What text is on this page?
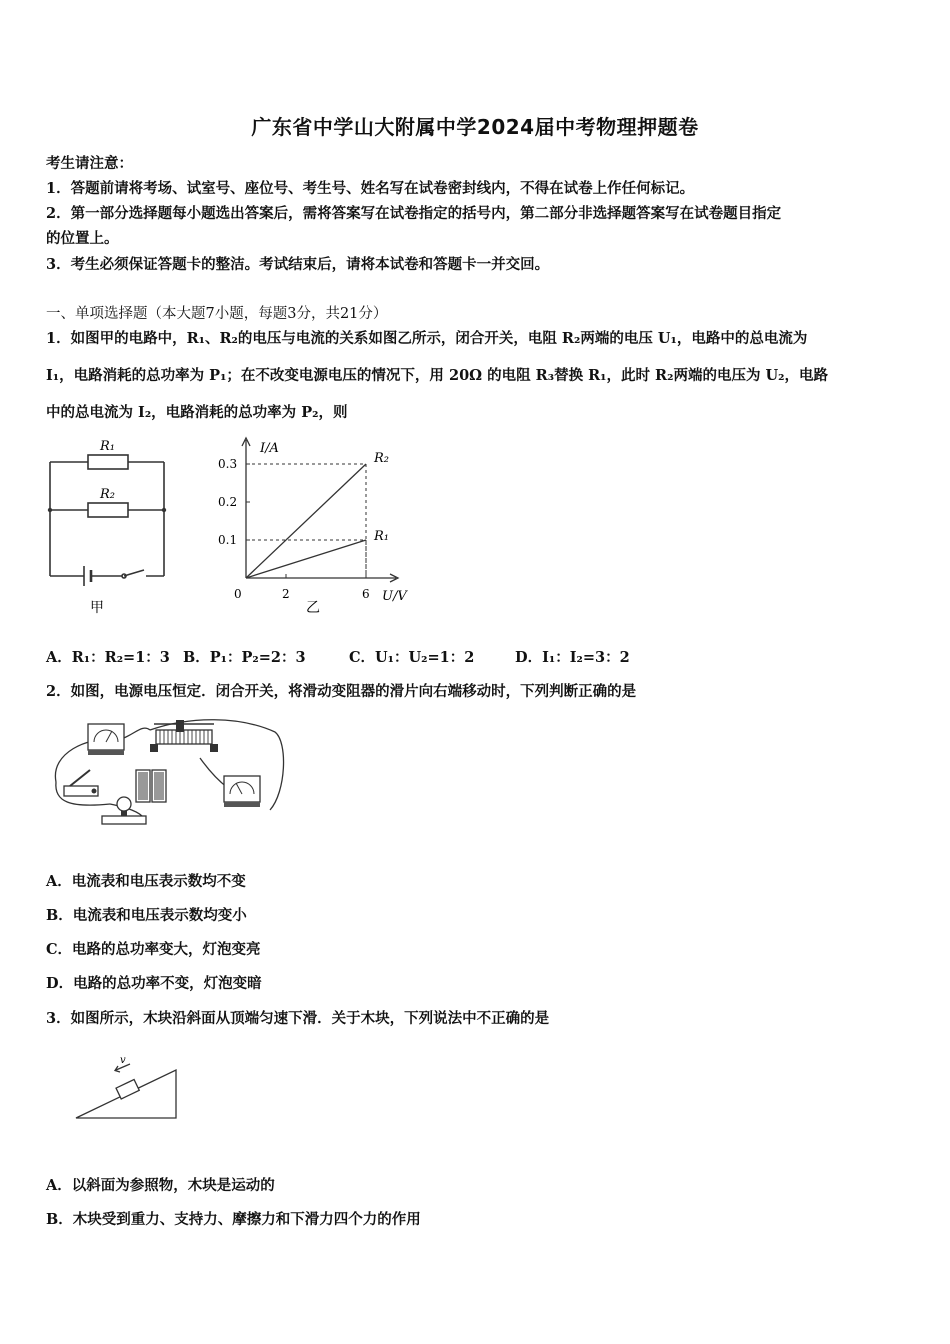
广东省中学山大附属中学2024届中考物理押题卷
考生请注意：
1．答题前请将考场、试室号、座位号、考生号、姓名写在试卷密封线内，不得在试卷上作任何标记。
2．第一部分选择题每小题选出答案后，需将答案写在试卷指定的括号内，第二部分非选择题答案写在试卷题目指定
的位置上。
3．考生必须保证答题卡的整洁。考试结束后，请将本试卷和答题卡一并交回。
一、单项选择题（本大题7小题，每题3分，共21分）
1．如图甲的电路中，R₁、R₂的电压与电流的关系如图乙所示，闭合开关，电阻 R₂两端的电压 U₁，电路中的总电流为
I₁，电路消耗的总功率为 P₁；在不改变电源电压的情况下，用 20Ω 的电阻 R₃替换 R₁，此时 R₂两端的电压为 U₂，电路
中的总电流为 I₂，电路消耗的总功率为 P₂，则
R₁
R₂
甲
0.3
0.2
0.1
0	2	6
R₂
R₁
I/A
U/V
乙
A．R₁：R₂=1：3 B．P₁：P₂=2：3	C．U₁：U₂=1：2	D．I₁：I₂=3：2
2．如图，电源电压恒定．闭合开关，将滑动变阻器的滑片向右端移动时，下列判断正确的是
A．电流表和电压表示数均不变
B．电流表和电压表示数均变小
C．电路的总功率变大，灯泡变亮
D．电路的总功率不变，灯泡变暗
3．如图所示，木块沿斜面从顶端匀速下滑．关于木块，下列说法中不正确的是
v
A．以斜面为参照物，木块是运动的
B．木块受到重力、支持力、摩擦力和下滑力四个力的作用
